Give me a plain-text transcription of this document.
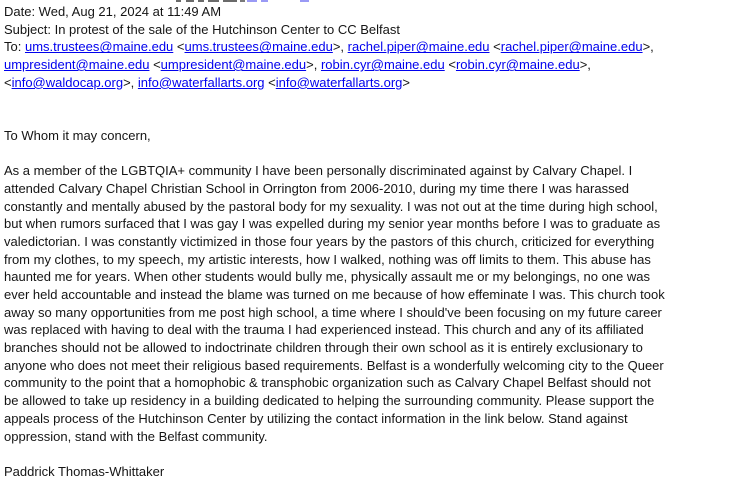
Date: Wed, Aug 21, 2024 at 11:49 AM
Subject: In protest of the sale of the Hutchinson Center to CC Belfast
To: ums.trustees@maine.edu <ums.trustees@maine.edu>, rachel.piper@maine.edu <rachel.piper@maine.edu>,
umpresident@maine.edu <umpresident@maine.edu>, robin.cyr@maine.edu <robin.cyr@maine.edu>,
<info@waldocap.org>, info@waterfallarts.org <info@waterfallarts.org>
To Whom it may concern,
As a member of the LGBTQIA+ community I have been personally discriminated against by Calvary Chapel. I
attended Calvary Chapel Christian School in Orrington from 2006-2010, during my time there I was harassed
constantly and mentally abused by the pastoral body for my sexuality. I was not out at the time during high school,
but when rumors surfaced that I was gay I was expelled during my senior year months before I was to graduate as
valedictorian. I was constantly victimized in those four years by the pastors of this church, criticized for everything
from my clothes, to my speech, my artistic interests, how I walked, nothing was off limits to them. This abuse has
haunted me for years. When other students would bully me, physically assault me or my belongings, no one was
ever held accountable and instead the blame was turned on me because of how effeminate I was. This church took
away so many opportunities from me post high school, a time where I should've been focusing on my future career
was replaced with having to deal with the trauma I had experienced instead. This church and any of its affiliated
branches should not be allowed to indoctrinate children through their own school as it is entirely exclusionary to
anyone who does not meet their religious based requirements. Belfast is a wonderfully welcoming city to the Queer
community to the point that a homophobic & transphobic organization such as Calvary Chapel Belfast should not
be allowed to take up residency in a building dedicated to helping the surrounding community. Please support the
appeals process of the Hutchinson Center by utilizing the contact information in the link below. Stand against
oppression, stand with the Belfast community.
Paddrick Thomas-Whittaker
